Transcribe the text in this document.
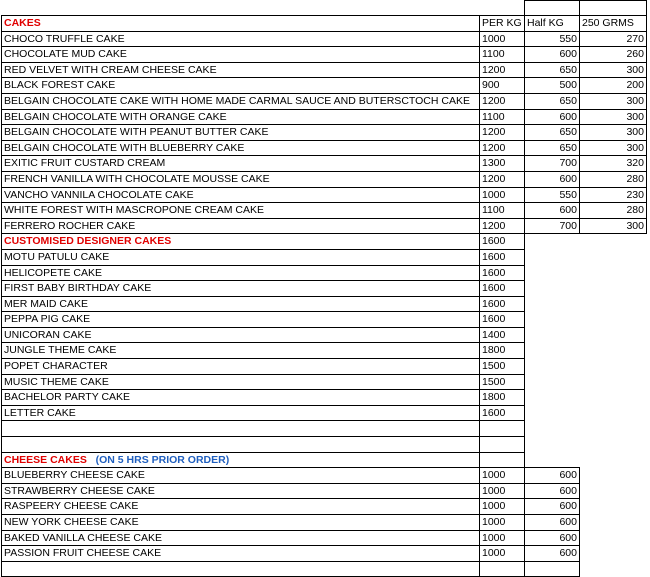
CAKES	PER KG	Half KG	250 GRMS
CHOCO TRUFFLE CAKE	1000	550	270
CHOCOLATE MUD CAKE	1100	600	260
RED VELVET WITH CREAM CHEESE CAKE	1200	650	300
BLACK FOREST CAKE	900	500	200
BELGAIN CHOCOLATE CAKE WITH HOME MADE CARMAL SAUCE AND BUTERSCTOCH CAKE	1200	650	300
BELGAIN CHOCOLATE WITH ORANGE CAKE	1100	600	300
BELGAIN CHOCOLATE WITH PEANUT BUTTER CAKE	1200	650	300
BELGAIN CHOCOLATE WITH BLUEBERRY CAKE	1200	650	300
EXITIC FRUIT CUSTARD CREAM	1300	700	320
FRENCH VANILLA WITH CHOCOLATE MOUSSE CAKE	1200	600	280
VANCHO VANNILA CHOCOLATE CAKE	1000	550	230
WHITE FOREST WITH MASCROPONE CREAM CAKE	1100	600	280
FERRERO ROCHER CAKE	1200	700	300
CUSTOMISED DESIGNER CAKES	1600		
MOTU PATULU CAKE	1600		
HELICOPETE CAKE	1600		
FIRST BABY BIRTHDAY CAKE	1600		
MER MAID CAKE	1600		
PEPPA PIG CAKE	1600		
UNICORAN CAKE	1400		
JUNGLE THEME CAKE	1800		
POPET CHARACTER	1500		
MUSIC THEME CAKE	1500		
BACHELOR PARTY CAKE	1800		
LETTER CAKE	1600		

CHEESE CAKES (ON 5 HRS PRIOR ORDER)			
BLUEBERRY CHEESE CAKE	1000	600	
STRAWBERRY CHEESE CAKE	1000	600	
RASPEERY CHEESE CAKE	1000	600	
NEW YORK CHEESE CAKE	1000	600	
BAKED VANILLA CHEESE CAKE	1000	600	
PASSION FRUIT CHEESE CAKE	1000	600	
